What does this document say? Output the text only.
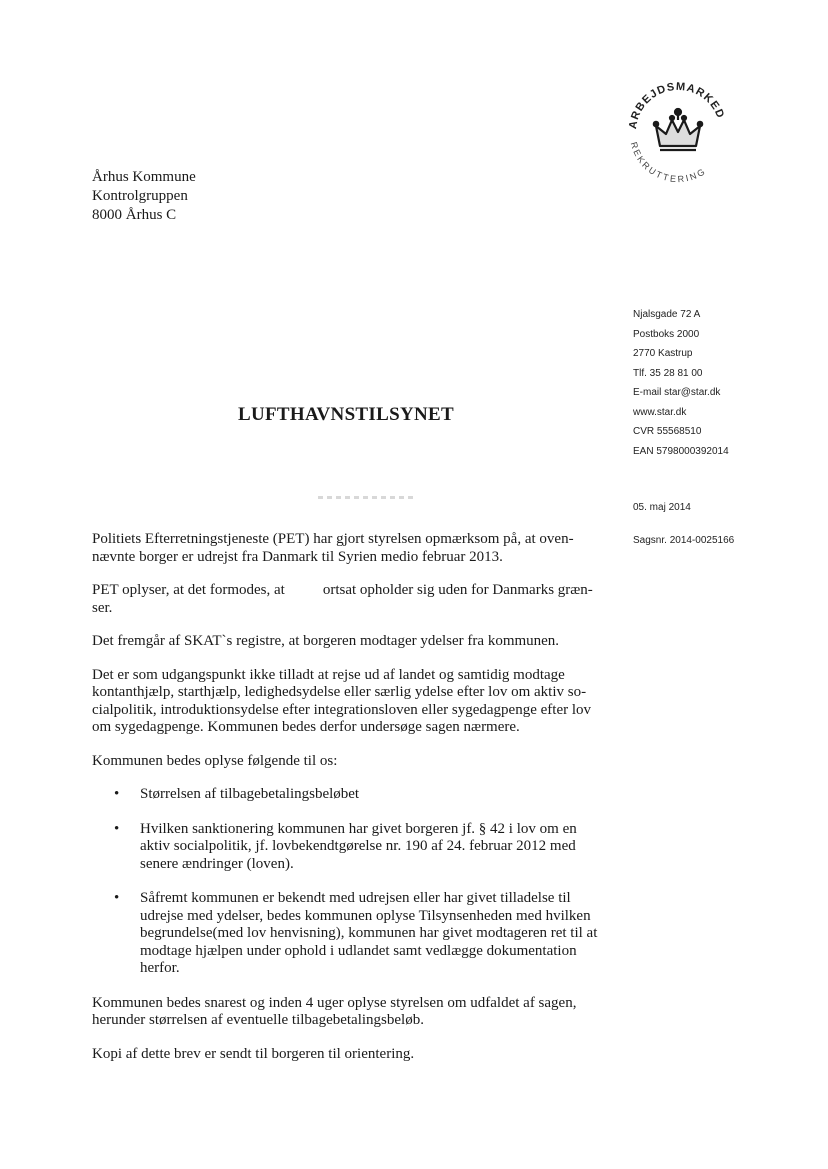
ARBEJDSMARKED
REKRUTTERING
Århus Kommune
Kontrolgruppen
8000 Århus C
Njalsgade 72 A
Postboks 2000
2770 Kastrup
Tlf. 35 28 81 00
E-mail star@star.dk
www.star.dk
CVR 55568510
EAN 5798000392014
05. maj 2014
Sagsnr. 2014-0025166
LUFTHAVNSTILSYNET

Politiets Efterretningstjeneste (PET) har gjort styrelsen opmærksom på, at ovennævnte borger er udrejst fra Danmark til Syrien medio februar 2013.

PET oplyser, at det formodes, at	ortsat opholder sig uden for Danmarks grænser.

Det fremgår af SKAT`s registre, at borgeren modtager ydelser fra kommunen.

Det er som udgangspunkt ikke tilladt at rejse ud af landet og samtidig modtage kontanthjælp, starthjælp, ledighedsydelse eller særlig ydelse efter lov om aktiv socialpolitik, introduktionsydelse efter integrationsloven eller sygedagpenge efter lov om sygedagpenge. Kommunen bedes derfor undersøge sagen nærmere.

Kommunen bedes oplyse følgende til os:

• Størrelsen af tilbagebetalingsbeløbet
• Hvilken sanktionering kommunen har givet borgeren jf. § 42 i lov om en aktiv socialpolitik, jf. lovbekendtgørelse nr. 190 af 24. februar 2012 med senere ændringer (loven).
• Såfremt kommunen er bekendt med udrejsen eller har givet tilladelse til udrejse med ydelser, bedes kommunen oplyse Tilsynsenheden med hvilken begrundelse(med lov henvisning), kommunen har givet modtageren ret til at modtage hjælpen under ophold i udlandet samt vedlægge dokumentation herfor.

Kommunen bedes snarest og inden 4 uger oplyse styrelsen om udfaldet af sagen, herunder størrelsen af eventuelle tilbagebetalingsbeløb.

Kopi af dette brev er sendt til borgeren til orientering.
